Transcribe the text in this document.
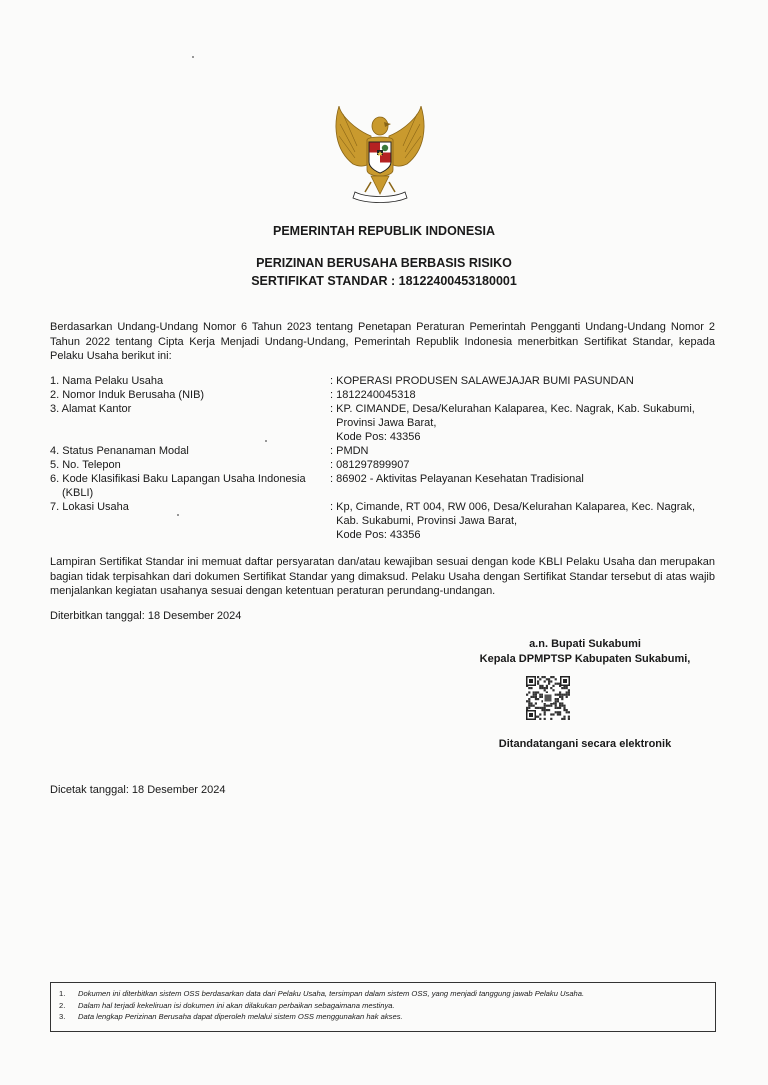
PEMERINTAH REPUBLIK INDONESIA
PERIZINAN BERUSAHA BERBASIS RISIKO
SERTIFIKAT STANDAR : 18122400453180001
Berdasarkan Undang-Undang Nomor 6 Tahun 2023 tentang Penetapan Peraturan Pemerintah Pengganti Undang-Undang Nomor 2 Tahun 2022 tentang Cipta Kerja Menjadi Undang-Undang, Pemerintah Republik Indonesia menerbitkan Sertifikat Standar, kepada Pelaku Usaha berikut ini:
1. Nama Pelaku Usaha	: KOPERASI PRODUSEN SALAWEJAJAR BUMI PASUNDAN
2. Nomor Induk Berusaha (NIB)	: 1812240045318
3. Alamat Kantor	: KP. CIMANDE, Desa/Kelurahan Kalaparea, Kec. Nagrak, Kab. Sukabumi,
Provinsi Jawa Barat,
Kode Pos: 43356
4. Status Penanaman Modal	: PMDN
5. No. Telepon	: 081297899907
6. Kode Klasifikasi Baku Lapangan Usaha Indonesia
(KBLI)
: 86902 - Aktivitas Pelayanan Kesehatan Tradisional
7. Lokasi Usaha	: Kp, Cimande, RT 004, RW 006, Desa/Kelurahan Kalaparea, Kec. Nagrak,
Kab. Sukabumi, Provinsi Jawa Barat,
Kode Pos: 43356
Lampiran Sertifikat Standar ini memuat daftar persyaratan dan/atau kewajiban sesuai dengan kode KBLI Pelaku Usaha dan merupakan bagian tidak terpisahkan dari dokumen Sertifikat Standar yang dimaksud. Pelaku Usaha dengan Sertifikat Standar tersebut di atas wajib menjalankan kegiatan usahanya sesuai dengan ketentuan peraturan perundang-undangan.
Diterbitkan tanggal: 18 Desember 2024
a.n. Bupati Sukabumi
Kepala DPMPTSP Kabupaten Sukabumi,
Ditandatangani secara elektronik
Dicetak tanggal: 18 Desember 2024
1. Dokumen ini diterbitkan sistem OSS berdasarkan data dari Pelaku Usaha, tersimpan dalam sistem OSS, yang menjadi tanggung jawab Pelaku Usaha.
2. Dalam hal terjadi kekeliruan isi dokumen ini akan dilakukan perbaikan sebagaimana mestinya.
3. Data lengkap Perizinan Berusaha dapat diperoleh melalui sistem OSS menggunakan hak akses.
